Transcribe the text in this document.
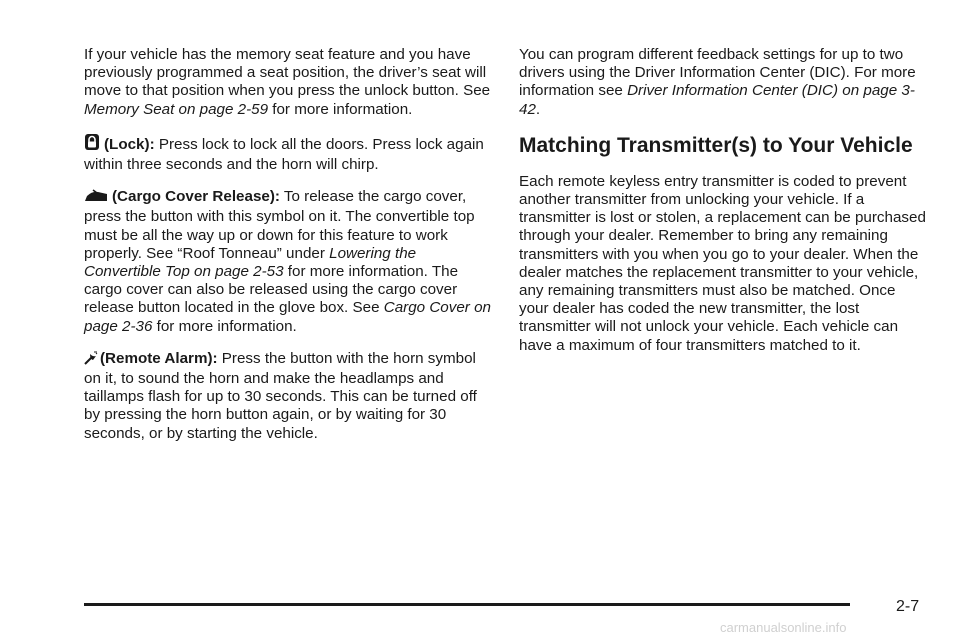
If your vehicle has the memory seat feature and you have previously programmed a seat position, the driver’s seat will move to that position when you press the unlock button. See Memory Seat on page 2-59 for more information.

(Lock): Press lock to lock all the doors. Press lock again within three seconds and the horn will chirp.

(Cargo Cover Release): To release the cargo cover, press the button with this symbol on it. The convertible top must be all the way up or down for this feature to work properly. See “Roof Tonneau” under Lowering the Convertible Top on page 2-53 for more information. The cargo cover can also be released using the cargo cover release button located in the glove box. See Cargo Cover on page 2-36 for more information.

(Remote Alarm): Press the button with the horn symbol on it, to sound the horn and make the headlamps and taillamps flash for up to 30 seconds. This can be turned off by pressing the horn button again, or by waiting for 30 seconds, or by starting the vehicle.

You can program different feedback settings for up to two drivers using the Driver Information Center (DIC). For more information see Driver Information Center (DIC) on page 3-42.

Matching Transmitter(s) to Your Vehicle

Each remote keyless entry transmitter is coded to prevent another transmitter from unlocking your vehicle. If a transmitter is lost or stolen, a replacement can be purchased through your dealer. Remember to bring any remaining transmitters with you when you go to your dealer. When the dealer matches the replacement transmitter to your vehicle, any remaining transmitters must also be matched. Once your dealer has coded the new transmitter, the lost transmitter will not unlock your vehicle. Each vehicle can have a maximum of four transmitters matched to it.

2-7
carmanualsonline.info
